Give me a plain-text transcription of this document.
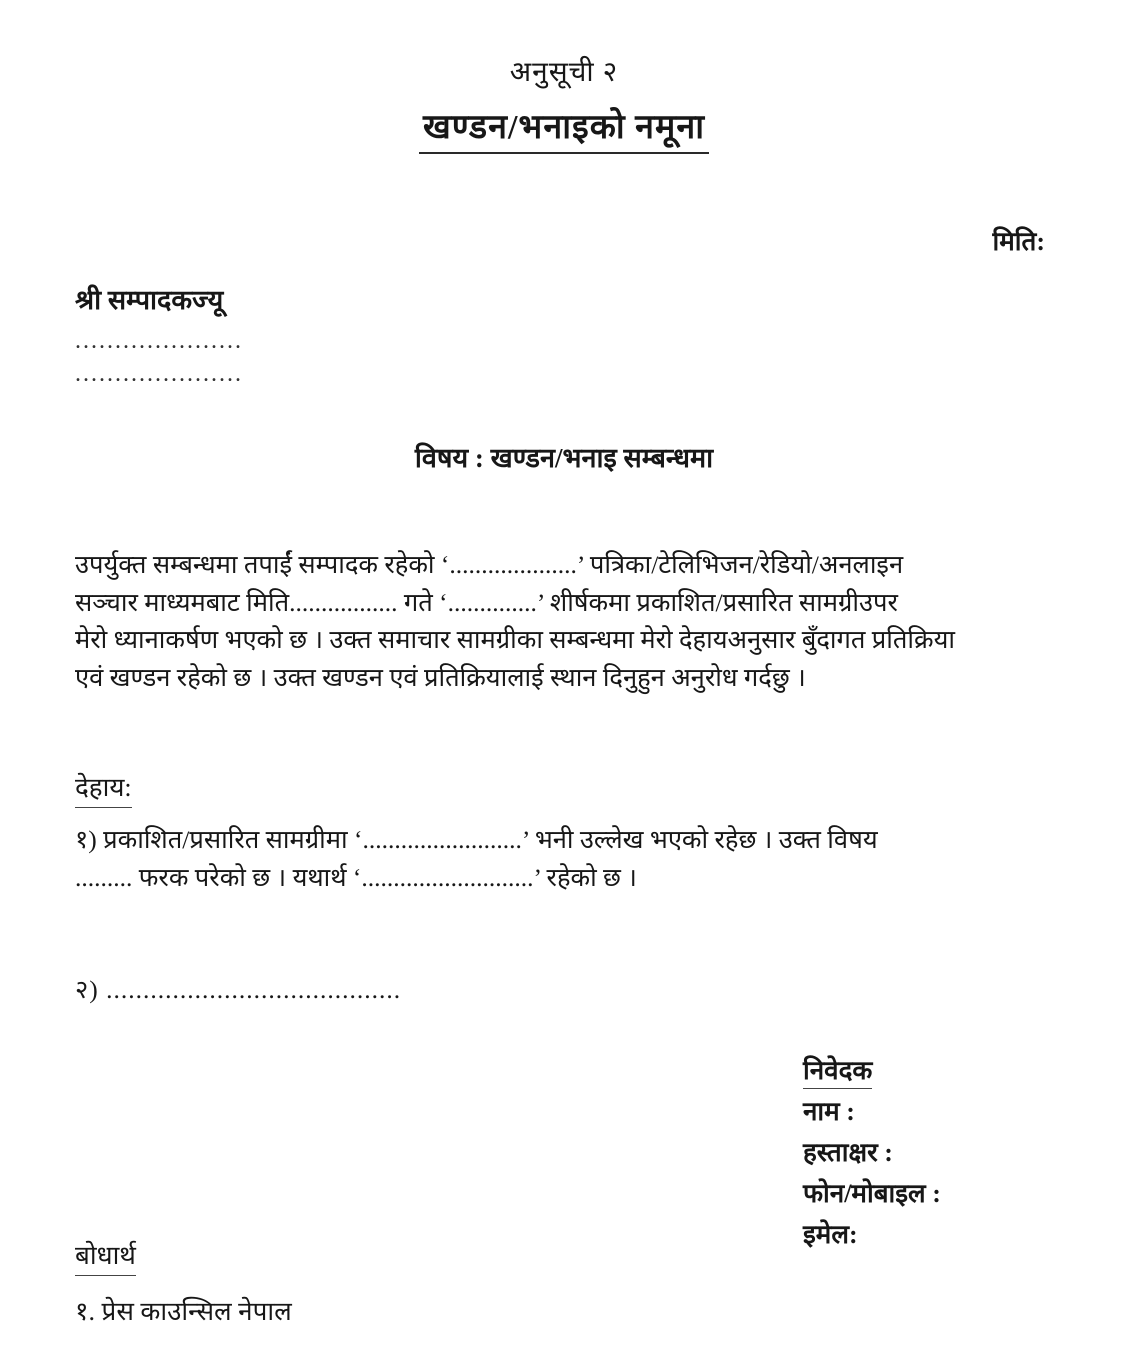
अनुसूची २
खण्डन/भनाइको नमूना
मिति:
श्री सम्पादकज्यू
.....................
.....................
विषय : खण्डन/भनाइ सम्बन्धमा
उपर्युक्त सम्बन्धमा तपाईं सम्पादक रहेको ‘....................’ पत्रिका/टेलिभिजन/रेडियो/अनलाइन
सञ्चार माध्यमबाट मिति................. गते ‘..............’ शीर्षकमा प्रकाशित/प्रसारित सामग्रीउपर
मेरो ध्यानाकर्षण भएको छ । उक्त समाचार सामग्रीका सम्बन्धमा मेरो देहायअनुसार बुँदागत प्रतिक्रिया
एवं खण्डन रहेको छ । उक्त खण्डन एवं प्रतिक्रियालाई स्थान दिनुहुन अनुरोध गर्दछु ।
देहाय:
१) प्रकाशित/प्रसारित सामग्रीमा ‘.........................’ भनी उल्लेख भएको रहेछ । उक्त विषय
......... फरक परेको छ । यथार्थ ‘...........................’ रहेको छ ।
२) ........................................
निवेदक
नाम :
हस्ताक्षर :
फोन/मोबाइल :
इमेल:
बोधार्थ
१. प्रेस काउन्सिल नेपाल
